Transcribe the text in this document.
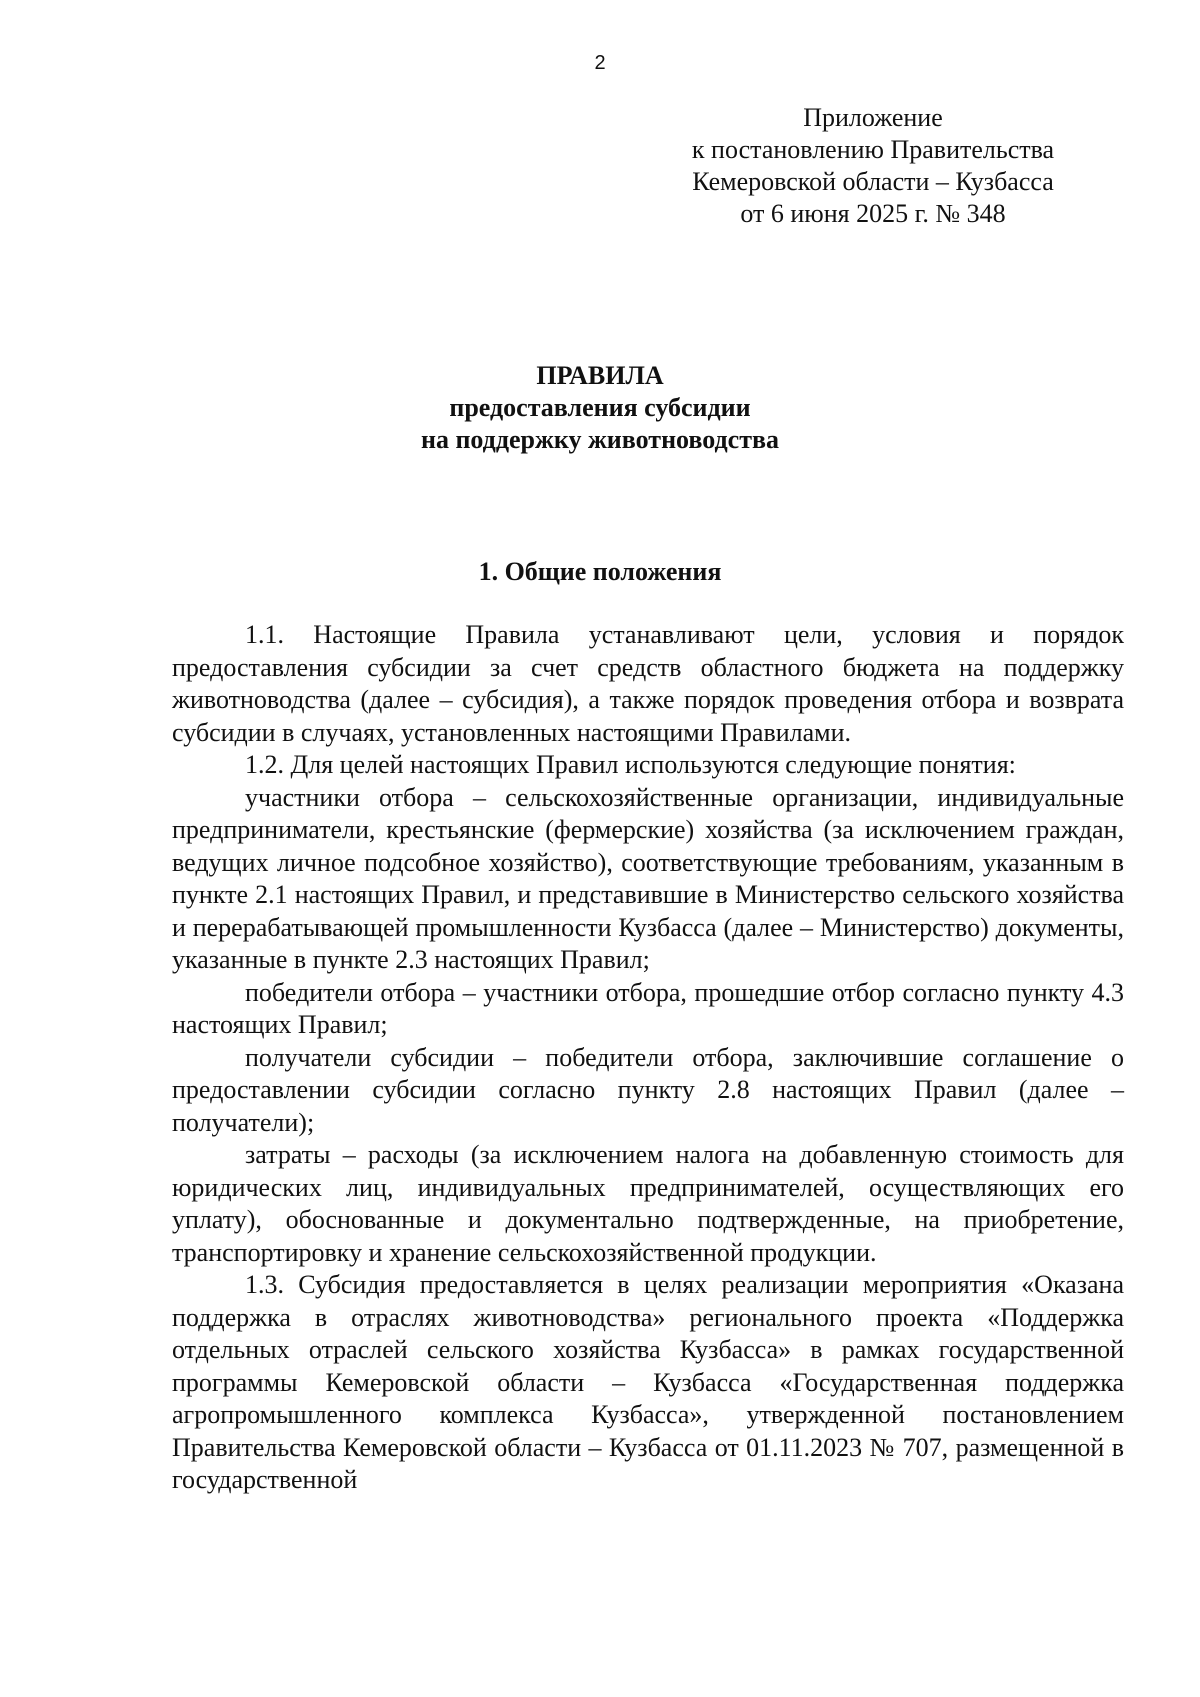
2
Приложение
к постановлению Правительства
Кемеровской области – Кузбасса
от 6 июня 2025 г. № 348
ПРАВИЛА
предоставления субсидии
на поддержку животноводства
1. Общие положения

1.1. Настоящие Правила устанавливают цели, условия и порядок предоставления субсидии за счет средств областного бюджета на поддержку животноводства (далее – субсидия), а также порядок проведения отбора и возврата субсидии в случаях, установленных настоящими Правилами.

1.2. Для целей настоящих Правил используются следующие понятия:

участники отбора – сельскохозяйственные организации, индивидуальные предприниматели, крестьянские (фермерские) хозяйства (за исключением граждан, ведущих личное подсобное хозяйство), соответствующие требованиям, указанным в пункте 2.1 настоящих Правил, и представившие в Министерство сельского хозяйства и перерабатывающей промышленности Кузбасса (далее – Министерство) документы, указанные в пункте 2.3 настоящих Правил;

победители отбора – участники отбора, прошедшие отбор согласно пункту 4.3 настоящих Правил;

получатели субсидии – победители отбора, заключившие соглашение о предоставлении субсидии согласно пункту 2.8 настоящих Правил (далее – получатели);

затраты – расходы (за исключением налога на добавленную стоимость для юридических лиц, индивидуальных предпринимателей, осуществляющих его уплату), обоснованные и документально подтвержденные, на приобретение, транспортировку и хранение сельскохозяйственной продукции.

1.3. Субсидия предоставляется в целях реализации мероприятия «Оказана поддержка в отраслях животноводства» регионального проекта «Поддержка отдельных отраслей сельского хозяйства Кузбасса» в рамках государственной программы Кемеровской области – Кузбасса «Государственная поддержка агропромышленного комплекса Кузбасса», утвержденной постановлением Правительства Кемеровской области – Кузбасса от 01.11.2023 № 707, размещенной в государственной
